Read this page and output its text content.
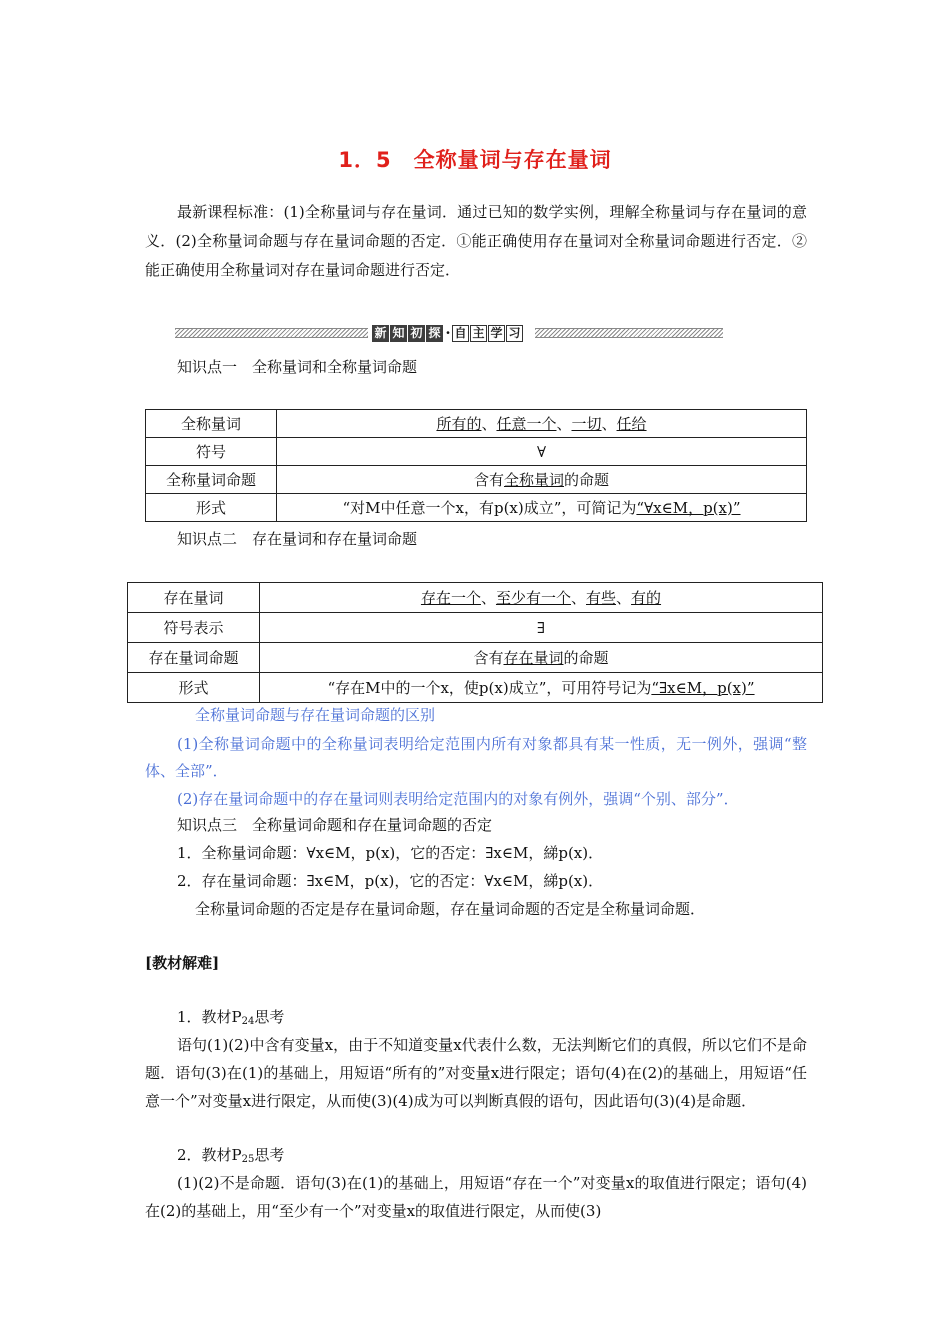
1．5　全称量词与存在量词
最新课程标准：(1)全称量词与存在量词．通过已知的数学实例，理解全称量词与存在量词的意义．(2)全称量词命题与存在量词命题的否定．①能正确使用存在量词对全称量词命题进行否定．②能正确使用全称量词对存在量词命题进行否定．
新 知 初 探 · 自 主 学 习
知识点一　全称量词和全称量词命题
全称量词	所有的、任意一个、一切、任给
符号	∀
全称量词命题	含有全称量词的命题
形式	“对M中任意一个x，有p(x)成立”，可简记为“∀x∈M，p(x)”
知识点二　存在量词和存在量词命题
存在量词	存在一个、至少有一个、有些、有的
符号表示	∃
存在量词命题	含有存在量词的命题
形式	“存在M中的一个x，使p(x)成立”，可用符号记为“∃x∈M，p(x)”
全称量词命题与存在量词命题的区别
(1)全称量词命题中的全称量词表明给定范围内所有对象都具有某一性质，无一例外，强调“整体、全部”．
(2)存在量词命题中的存在量词则表明给定范围内的对象有例外，强调“个别、部分”．
知识点三　全称量词命题和存在量词命题的否定
1．全称量词命题：∀x∈M，p(x)，它的否定：∃x∈M，綈p(x)．
2．存在量词命题：∃x∈M，p(x)，它的否定：∀x∈M，綈p(x)．
全称量词命题的否定是存在量词命题，存在量词命题的否定是全称量词命题．
[教材解难]
1．教材$P_{24}$思考
语句(1)(2)中含有变量x，由于不知道变量x代表什么数，无法判断它们的真假，所以它们不是命题．语句(3)在(1)的基础上，用短语“所有的”对变量x进行限定；语句(4)在(2)的基础上，用短语“任意一个”对变量x进行限定，从而使(3)(4)成为可以判断真假的语句，因此语句(3)(4)是命题．
2．教材$P_{25}$思考
(1)(2)不是命题．语句(3)在(1)的基础上，用短语“存在一个”对变量x的取值进行限定；语句(4)在(2)的基础上，用“至少有一个”对变量x的取值进行限定，从而使(3)
